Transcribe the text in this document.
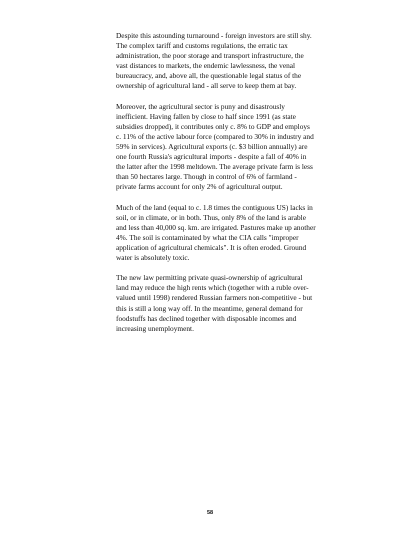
Despite this astounding turnaround - foreign investors are still shy. The complex tariff and customs regulations, the erratic tax administration, the poor storage and transport infrastructure, the vast distances to markets, the endemic lawlessness, the venal bureaucracy, and, above all, the questionable legal status of the ownership of agricultural land - all serve to keep them at bay.

Moreover, the agricultural sector is puny and disastrously inefficient. Having fallen by close to half since 1991 (as state subsidies dropped), it contributes only c. 8% to GDP and employs c. 11% of the active labour force (compared to 30% in industry and 59% in services). Agricultural exports (c. $3 billion annually) are one fourth Russia's agricultural imports - despite a fall of 40% in the latter after the 1998 meltdown. The average private farm is less than 50 hectares large. Though in control of 6% of farmland - private farms account for only 2% of agricultural output.

Much of the land (equal to c. 1.8 times the contiguous US) lacks in soil, or in climate, or in both. Thus, only 8% of the land is arable and less than 40,000 sq. km. are irrigated. Pastures make up another 4%. The soil is contaminated by what the CIA calls "improper application of agricultural chemicals". It is often eroded. Ground water is absolutely toxic.

The new law permitting private quasi-ownership of agricultural land may reduce the high rents which (together with a ruble over-valued until 1998) rendered Russian farmers non-competitive - but this is still a long way off. In the meantime, general demand for foodstuffs has declined together with disposable incomes and increasing unemployment.

58
